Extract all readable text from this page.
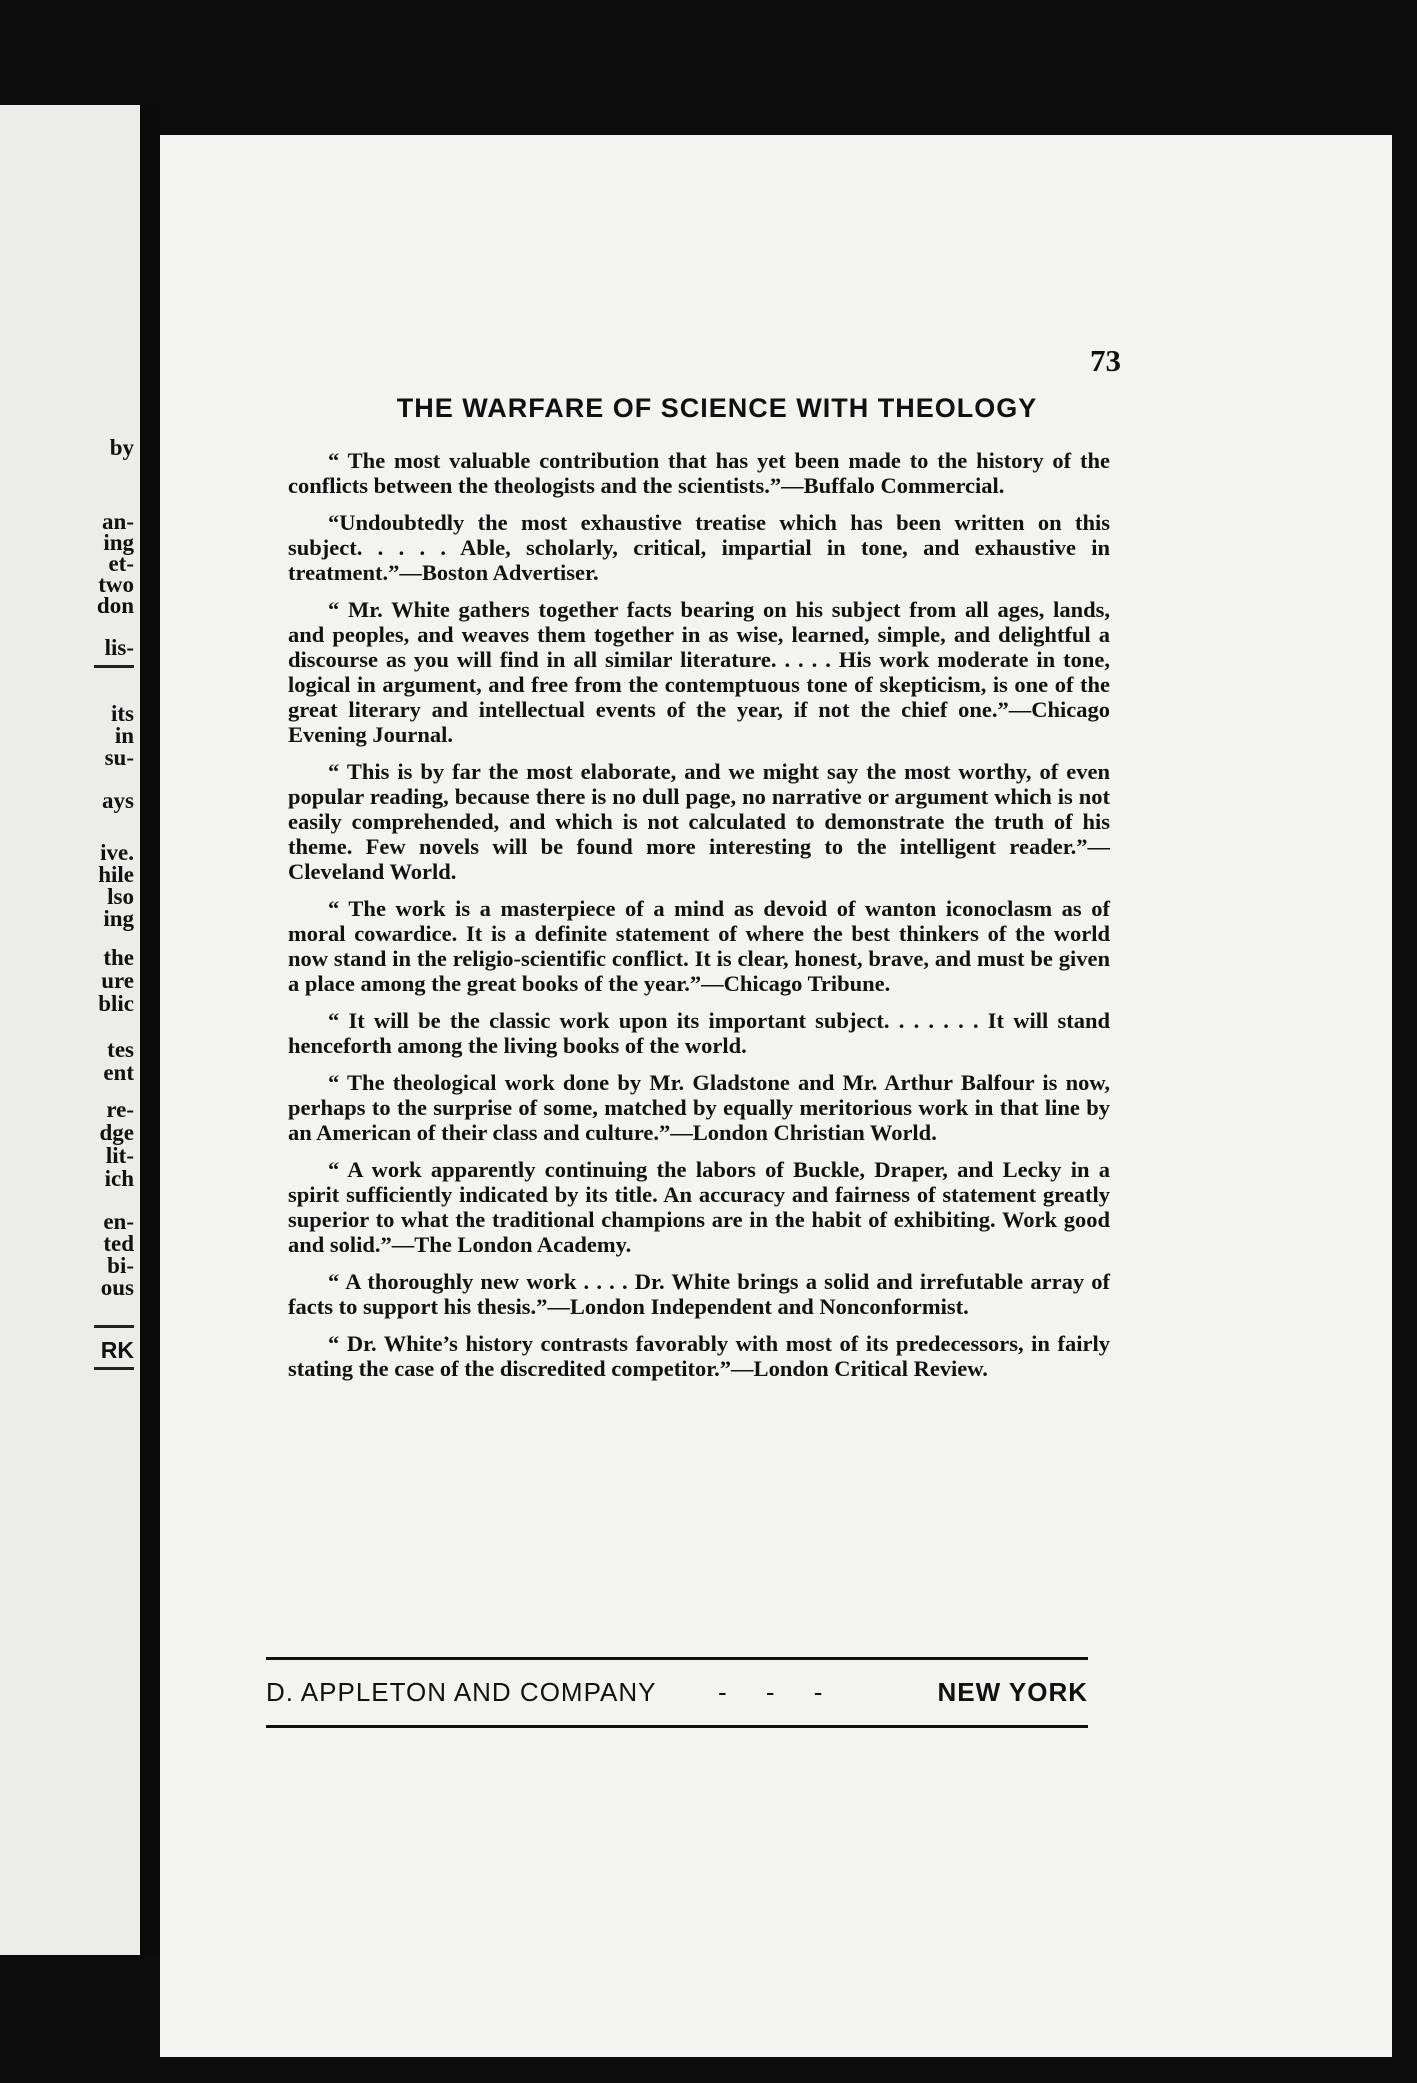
by
an-
ing
et-
two
don
lis-
its
in
su-
ays
ive.
hile
lso
ing
the
ure
blic
tes
ent
re-
dge
lit-
ich
en-
ted
bi-
ous
RK
73
THE WARFARE OF SCIENCE WITH THEOLOGY

“ The most valuable contribution that has yet been made to the history of the conflicts between the theologists and the scientists.”—Buffalo Commercial.

“Undoubtedly the most exhaustive treatise which has been written on this subject. . . . . Able, scholarly, critical, impartial in tone, and exhaustive in treatment.”—Boston Advertiser.

“ Mr. White gathers together facts bearing on his subject from all ages, lands, and peoples, and weaves them together in as wise, learned, simple, and delightful a discourse as you will find in all similar literature. . . . . His work moderate in tone, logical in argument, and free from the contemptuous tone of skepticism, is one of the great literary and intellectual events of the year, if not the chief one.”—Chicago Evening Journal.

“ This is by far the most elaborate, and we might say the most worthy, of even popular reading, because there is no dull page, no narrative or argument which is not easily comprehended, and which is not calculated to demonstrate the truth of his theme. Few novels will be found more interesting to the intelligent reader.”—Cleveland World.

“ The work is a masterpiece of a mind as devoid of wanton iconoclasm as of moral cowardice. It is a definite statement of where the best thinkers of the world now stand in the religio-scientific conflict. It is clear, honest, brave, and must be given a place among the great books of the year.”—Chicago Tribune.

“ It will be the classic work upon its important subject. . . . . . . It will stand henceforth among the living books of the world.

“ The theological work done by Mr. Gladstone and Mr. Arthur Balfour is now, perhaps to the surprise of some, matched by equally meritorious work in that line by an American of their class and culture.”—London Christian World.

“ A work apparently continuing the labors of Buckle, Draper, and Lecky in a spirit sufficiently indicated by its title. An accuracy and fairness of statement greatly superior to what the traditional champions are in the habit of exhibiting. Work good and solid.”—The London Academy.

“ A thoroughly new work . . . . Dr. White brings a solid and irrefutable array of facts to support his thesis.”—London Independent and Nonconformist.

“ Dr. White’s history contrasts favorably with most of its predecessors, in fairly stating the case of the discredited competitor.”—London Critical Review.

D. APPLETON AND COMPANY - - -	NEW YORK
